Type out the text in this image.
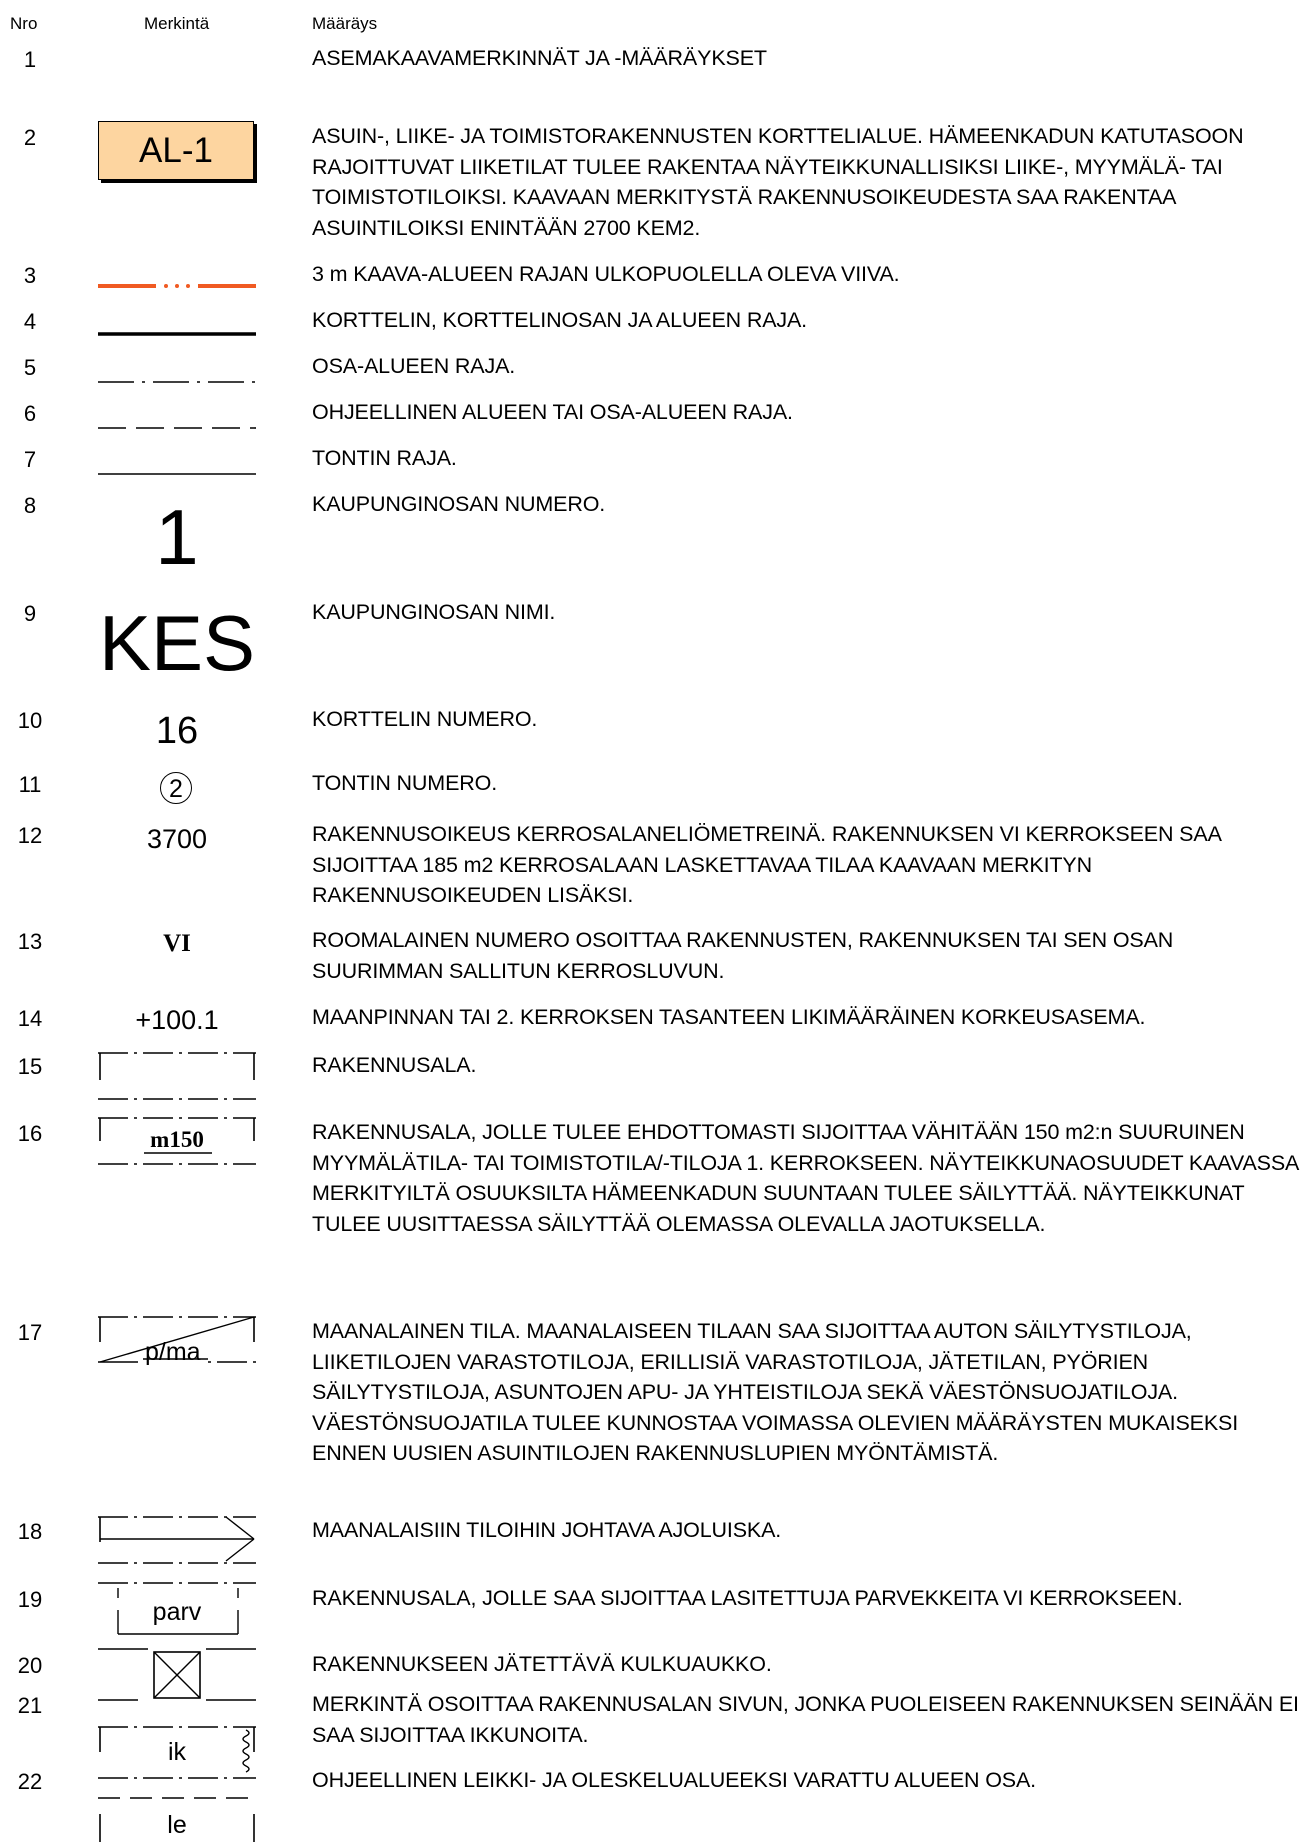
Nro	Merkintä	Määräys
1
2
3
4
5
6
7
8
9
10
11
12
13
14
15
16
17
18
19
20
21
22
ASEMAKAAVAMERKINNÄT JA -MÄÄRÄYKSET
ASUIN-, LIIKE- JA TOIMISTORAKENNUSTEN KORTTELIALUE. HÄMEENKADUN KATUTASOON RAJOITTUVAT LIIKETILAT TULEE RAKENTAA NÄYTEIKKUNALLISIKSI LIIKE-, MYYMÄLÄ- TAI TOIMISTOTILOIKSI. KAAVAAN MERKITYSTÄ RAKENNUSOIKEUDESTA SAA RAKENTAA ASUINTILOIKSI ENINTÄÄN 2700 KEM2.
3 m KAAVA-ALUEEN RAJAN ULKOPUOLELLA OLEVA VIIVA.
KORTTELIN, KORTTELINOSAN JA ALUEEN RAJA.
OSA-ALUEEN RAJA.
OHJEELLINEN ALUEEN TAI OSA-ALUEEN RAJA.
TONTIN RAJA.
KAUPUNGINOSAN NUMERO.
KAUPUNGINOSAN NIMI.
KORTTELIN NUMERO.
TONTIN NUMERO.
RAKENNUSOIKEUS KERROSALANELIÖMETREINÄ. RAKENNUKSEN VI KERROKSEEN SAA SIJOITTAA 185 m2 KERROSALAAN LASKETTAVAA TILAA KAAVAAN MERKITYN RAKENNUSOIKEUDEN LISÄKSI.
ROOMALAINEN NUMERO OSOITTAA RAKENNUSTEN, RAKENNUKSEN TAI SEN OSAN SUURIMMAN SALLITUN KERROSLUVUN.
MAANPINNAN TAI 2. KERROKSEN TASANTEEN LIKIMÄÄRÄINEN KORKEUSASEMA.
RAKENNUSALA.
RAKENNUSALA, JOLLE TULEE EHDOTTOMASTI SIJOITTAA VÄHITÄÄN 150 m2:n SUURUINEN MYYMÄLÄTILA- TAI TOIMISTOTILA/-TILOJA 1. KERROKSEEN. NÄYTEIKKUNAOSUUDET KAAVASSA MERKITYILTÄ OSUUKSILTA HÄMEENKADUN SUUNTAAN TULEE SÄILYTTÄÄ. NÄYTEIKKUNAT TULEE UUSITTAESSA SÄILYTTÄÄ OLEMASSA OLEVALLA JAOTUKSELLA.
MAANALAINEN TILA. MAANALAISEEN TILAAN SAA SIJOITTAA AUTON SÄILYTYSTILOJA, LIIKETILOJEN VARASTOTILOJA, ERILLISIÄ VARASTOTILOJA, JÄTETILAN, PYÖRIEN SÄILYTYSTILOJA, ASUNTOJEN APU- JA YHTEISTILOJA SEKÄ VÄESTÖNSUOJATILOJA. VÄESTÖNSUOJATILA TULEE KUNNOSTAA VOIMASSA OLEVIEN MÄÄRÄYSTEN MUKAISEKSI ENNEN UUSIEN ASUINTILOJEN RAKENNUSLUPIEN MYÖNTÄMISTÄ.
MAANALAISIIN TILOIHIN JOHTAVA AJOLUISKA.
RAKENNUSALA, JOLLE SAA SIJOITTAA LASITETTUJA PARVEKKEITA VI KERROKSEEN.
RAKENNUKSEEN JÄTETTÄVÄ KULKUAUKKO.
MERKINTÄ OSOITTAA RAKENNUSALAN SIVUN, JONKA PUOLEISEEN RAKENNUKSEN SEINÄÄN EI SAA SIJOITTAA IKKUNOITA.
OHJEELLINEN LEIKKI- JA OLESKELUALUEEKSI VARATTU ALUEEN OSA.
AL-1
1
KES
16
2
3700
VI
+100.1
m150
p/ma
parv
ik
le
